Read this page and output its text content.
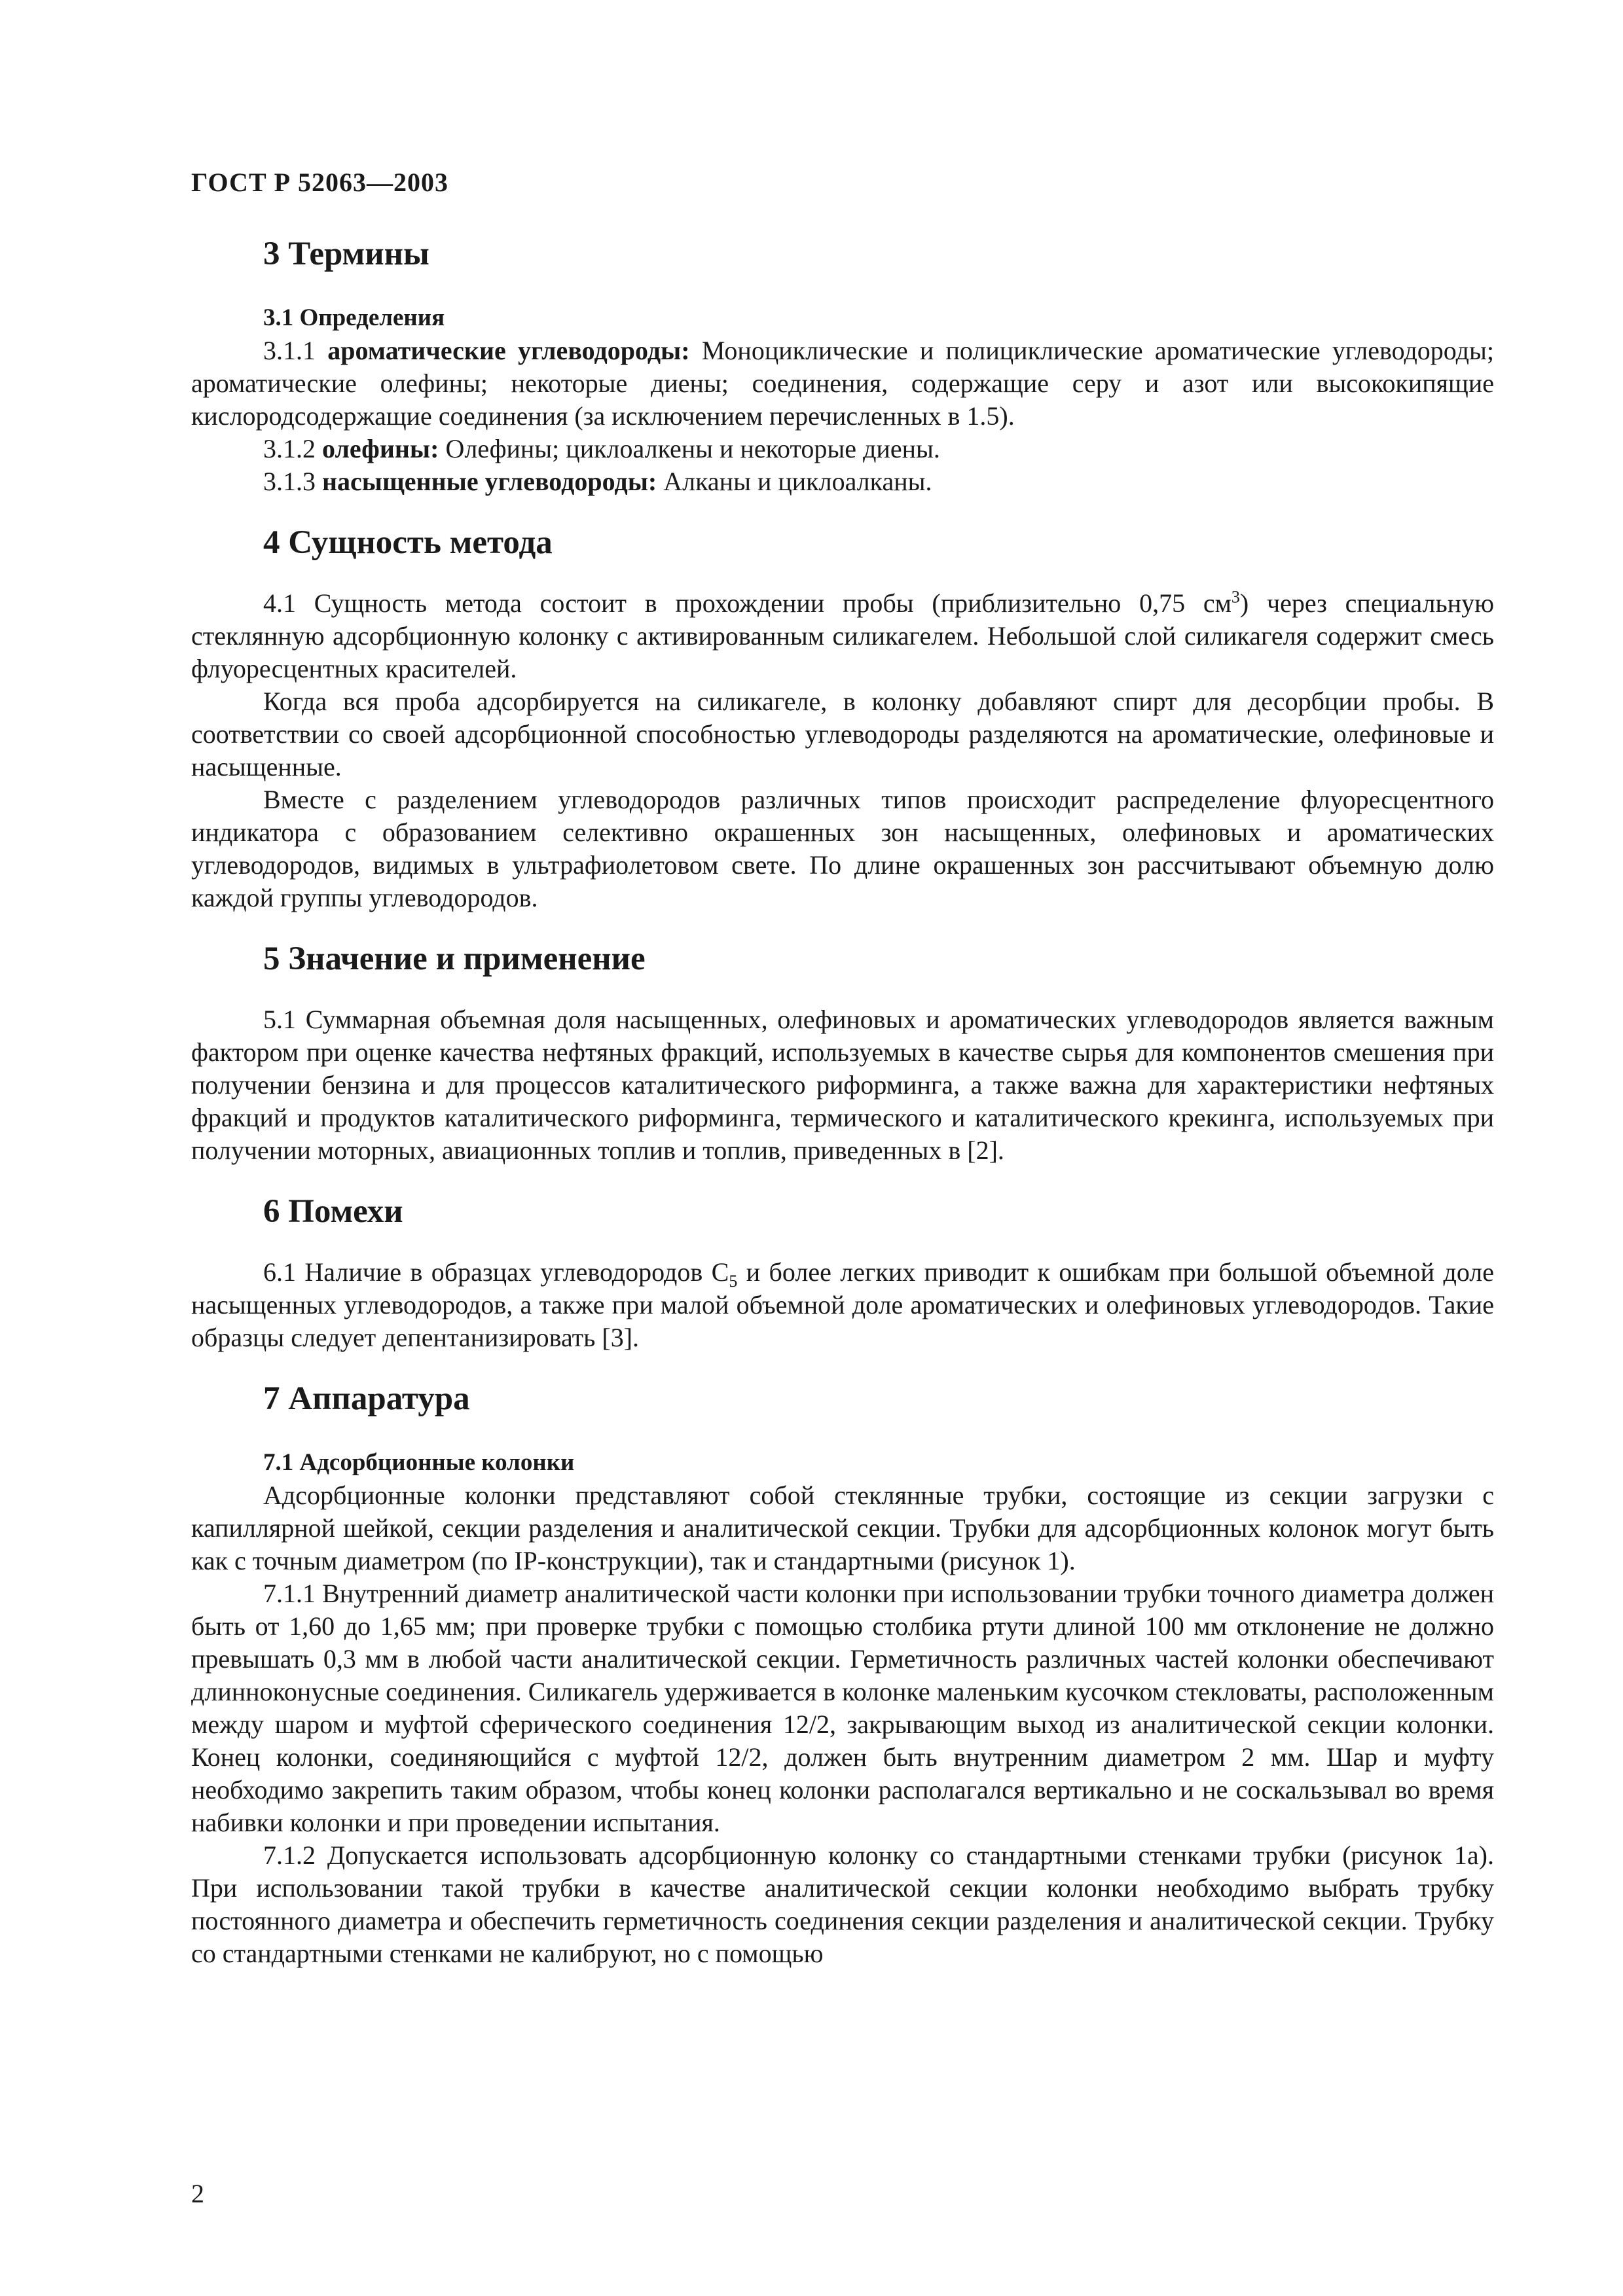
ГОСТ Р 52063—2003
3 Термины
3.1 Определения

3.1.1 ароматические углеводороды: Моноциклические и полициклические ароматические углеводороды; ароматические олефины; некоторые диены; соединения, содержащие серу и азот или высококипящие кислородсодержащие соединения (за исключением перечисленных в 1.5).

3.1.2 олефины: Олефины; циклоалкены и некоторые диены.

3.1.3 насыщенные углеводороды: Алканы и циклоалканы.

4 Сущность метода

4.1 Сущность метода состоит в прохождении пробы (приблизительно 0,75 $см^3$) через специальную стеклянную адсорбционную колонку с активированным силикагелем. Небольшой слой силикагеля содержит смесь флуоресцентных красителей.

Когда вся проба адсорбируется на силикагеле, в колонку добавляют спирт для десорбции пробы. В соответствии со своей адсорбционной способностью углеводороды разделяются на ароматические, олефиновые и насыщенные.

Вместе с разделением углеводородов различных типов происходит распределение флуоресцентного индикатора с образованием селективно окрашенных зон насыщенных, олефиновых и ароматических углеводородов, видимых в ультрафиолетовом свете. По длине окрашенных зон рассчитывают объемную долю каждой группы углеводородов.

5 Значение и применение

5.1 Суммарная объемная доля насыщенных, олефиновых и ароматических углеводородов является важным фактором при оценке качества нефтяных фракций, используемых в качестве сырья для компонентов смешения при получении бензина и для процессов каталитического риформинга, а также важна для характеристики нефтяных фракций и продуктов каталитического риформинга, термического и каталитического крекинга, используемых при получении моторных, авиационных топлив и топлив, приведенных в [2].

6 Помехи

6.1 Наличие в образцах углеводородов $С_5$ и более легких приводит к ошибкам при большой объемной доле насыщенных углеводородов, а также при малой объемной доле ароматических и олефиновых углеводородов. Такие образцы следует депентанизировать [3].

7 Аппаратура
7.1 Адсорбционные колонки

Адсорбционные колонки представляют собой стеклянные трубки, состоящие из секции загрузки с капиллярной шейкой, секции разделения и аналитической секции. Трубки для адсорбционных колонок могут быть как с точным диаметром (по IP-конструкции), так и стандартными (рисунок 1).

7.1.1 Внутренний диаметр аналитической части колонки при использовании трубки точного диаметра должен быть от 1,60 до 1,65 мм; при проверке трубки с помощью столбика ртути длиной 100 мм отклонение не должно превышать 0,3 мм в любой части аналитической секции. Герметичность различных частей колонки обеспечивают длинноконусные соединения. Силикагель удерживается в колонке маленьким кусочком стекловаты, расположенным между шаром и муфтой сферического соединения 12/2, закрывающим выход из аналитической секции колонки. Конец колонки, соединяющийся с муфтой 12/2, должен быть внутренним диаметром 2 мм. Шар и муфту необходимо закрепить таким образом, чтобы конец колонки располагался вертикально и не соскальзывал во время набивки колонки и при проведении испытания.

7.1.2 Допускается использовать адсорбционную колонку со стандартными стенками трубки (рисунок 1а). При использовании такой трубки в качестве аналитической секции колонки необходимо выбрать трубку постоянного диаметра и обеспечить герметичность соединения секции разделения и аналитической секции. Трубку со стандартными стенками не калибруют, но с помощью

2
